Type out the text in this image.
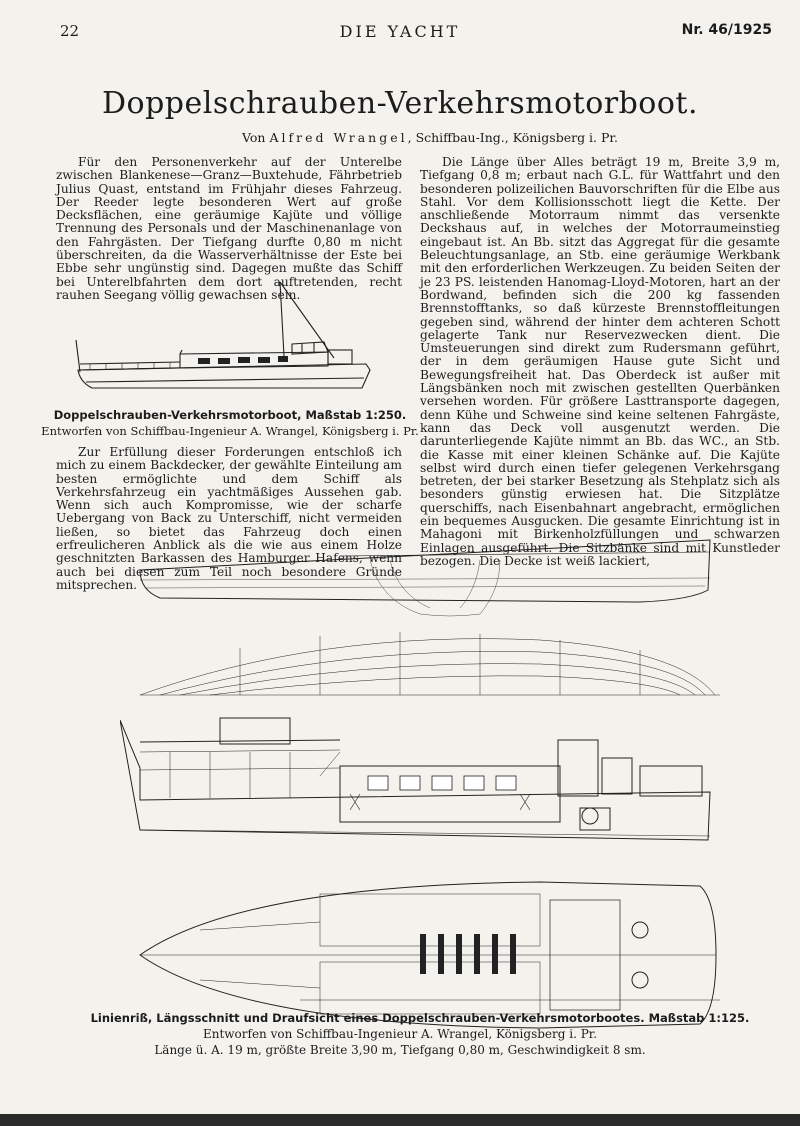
22	DIE YACHT	Nr. 46/1925
Doppelschrauben-Verkehrsmotorboot.
Von Alfred Wrangel, Schiffbau-Ing., Königsberg i. Pr.

Für den Personenverkehr auf der Unterelbe zwischen Blankenese—Granz—Buxtehude, Fährbetrieb Julius Quast, entstand im Frühjahr dieses Fahrzeug. Der Reeder legte besonderen Wert auf große Decksflächen, eine geräumige Kajüte und völlige Trennung des Personals und der Maschinenanlage von den Fahrgästen. Der Tiefgang durfte 0,80 m nicht überschreiten, da die Wasserverhältnisse der Este bei Ebbe sehr ungünstig sind. Dagegen mußte das Schiff bei Unterelbfahrten dem dort auftretenden, recht rauhen Seegang völlig gewachsen sein.

Doppelschrauben-Verkehrsmotorboot, Maßstab 1:250.
Entworfen von Schiffbau-Ingenieur A. Wrangel, Königsberg i. Pr.

Zur Erfüllung dieser Forderungen entschloß ich mich zu einem Backdecker, der gewählte Einteilung am besten ermöglichte und dem Schiff als Verkehrsfahrzeug ein yachtmäßiges Aussehen gab. Wenn sich auch Kompromisse, wie der scharfe Uebergang von Back zu Unterschiff, nicht vermeiden ließen, so bietet das Fahrzeug doch einen erfreulicheren Anblick als die wie aus einem Holze geschnitzten Barkassen des Hamburger Hafens, wenn auch bei diesen zum Teil noch besondere Gründe mitsprechen.

Die Länge über Alles beträgt 19 m, Breite 3,9 m, Tiefgang 0,8 m; erbaut nach G.L. für Wattfahrt und den besonderen polizeilichen Bauvorschriften für die Elbe aus Stahl. Vor dem Kollisionsschott liegt die Kette. Der anschließende Motorraum nimmt das versenkte Deckshaus auf, in welches der Motorraumeinstieg eingebaut ist. An Bb. sitzt das Aggregat für die gesamte Beleuchtungsanlage, an Stb. eine geräumige Werkbank mit den erforderlichen Werkzeugen. Zu beiden Seiten der je 23 PS. leistenden Hanomag-Lloyd-Motoren, hart an der Bordwand, befinden sich die 200 kg fassenden Brennstofftanks, so daß kürzeste Brennstoffleitungen gegeben sind, während der hinter dem achteren Schott gelagerte Tank nur Reservezwecken dient. Die Umsteuerungen sind direkt zum Rudersmann geführt, der in dem geräumigen Hause gute Sicht und Bewegungsfreiheit hat. Das Oberdeck ist außer mit Längsbänken noch mit zwischen gestellten Querbänken versehen worden. Für größere Lasttransporte dagegen, denn Kühe und Schweine sind keine seltenen Fahrgäste, kann das Deck voll ausgenutzt werden. Die darunterliegende Kajüte nimmt an Bb. das WC., an Stb. die Kasse mit einer kleinen Schänke auf. Die Kajüte selbst wird durch einen tiefer gelegenen Verkehrsgang betreten, der bei starker Besetzung als Stehplatz sich als besonders günstig erwiesen hat. Die Sitzplätze querschiffs, nach Eisenbahnart angebracht, ermöglichen ein bequemes Ausgucken. Die gesamte Einrichtung ist in Mahagoni mit Birkenholzfüllungen und schwarzen Einlagen ausgeführt. Die Sitzbänke sind mit Kunstleder bezogen. Die Decke ist weiß lackiert,

Linienriß, Längsschnitt und Draufsicht eines Doppelschrauben-Verkehrsmotorbootes. Maßstab 1:125.
Entworfen von Schiffbau-Ingenieur A. Wrangel, Königsberg i. Pr.
Länge ü. A. 19 m, größte Breite 3,90 m, Tiefgang 0,80 m, Geschwindigkeit 8 sm.
